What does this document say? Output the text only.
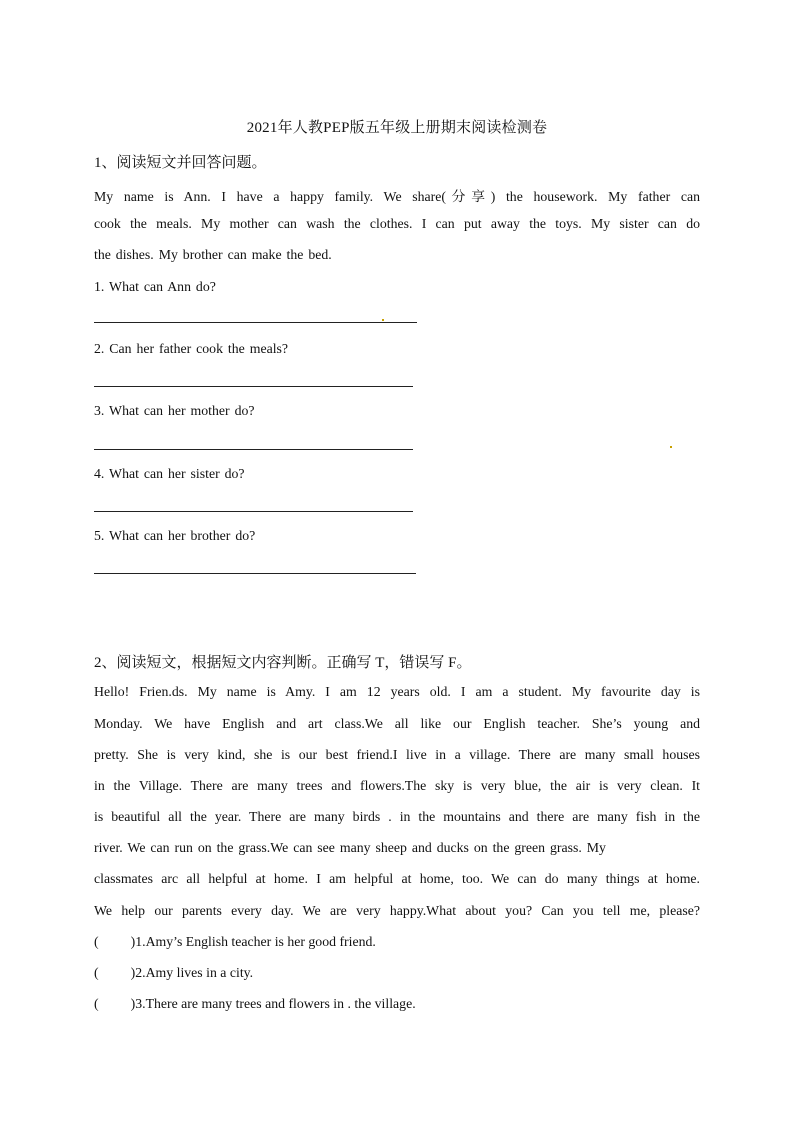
2021年人教PEP版五年级上册期末阅读检测卷
1、阅读短文并回答问题。
My name is Ann. I have a happy family. We share(分享) the housework. My father can
cook the meals. My mother can wash the clothes. I can put away the toys. My sister can do
the dishes. My brother can make the bed.
1. What can Ann do?
2. Can her father cook the meals?
3. What can her mother do?
4. What can her sister do?
5. What can her brother do?
2、阅读短文，根据短文内容判断。正确写 T，错误写 F。
Hello! Frien.ds. My name is Amy. I am 12 years old. I am a student. My favourite day is
Monday. We have English and art class.We all like our English teacher. She’s young and
pretty. She is very kind, she is our best friend.I live in a village. There are many small houses
in the Village. There are many trees and flowers.The sky is very blue, the air is very clean. It
is beautiful all the year. There are many birds . in the mountains and there are many fish in the
river. We can run on the grass.We can see many sheep and ducks on the green grass. My
classmates arc all helpful at home. I am helpful at home, too. We can do many things at home.
We help our parents every day. We are very happy.What about you? Can you tell me, please?
( )1.Amy’s English teacher is her good friend.
( )2.Amy lives in a city.
( )3.There are many trees and flowers in . the village.
